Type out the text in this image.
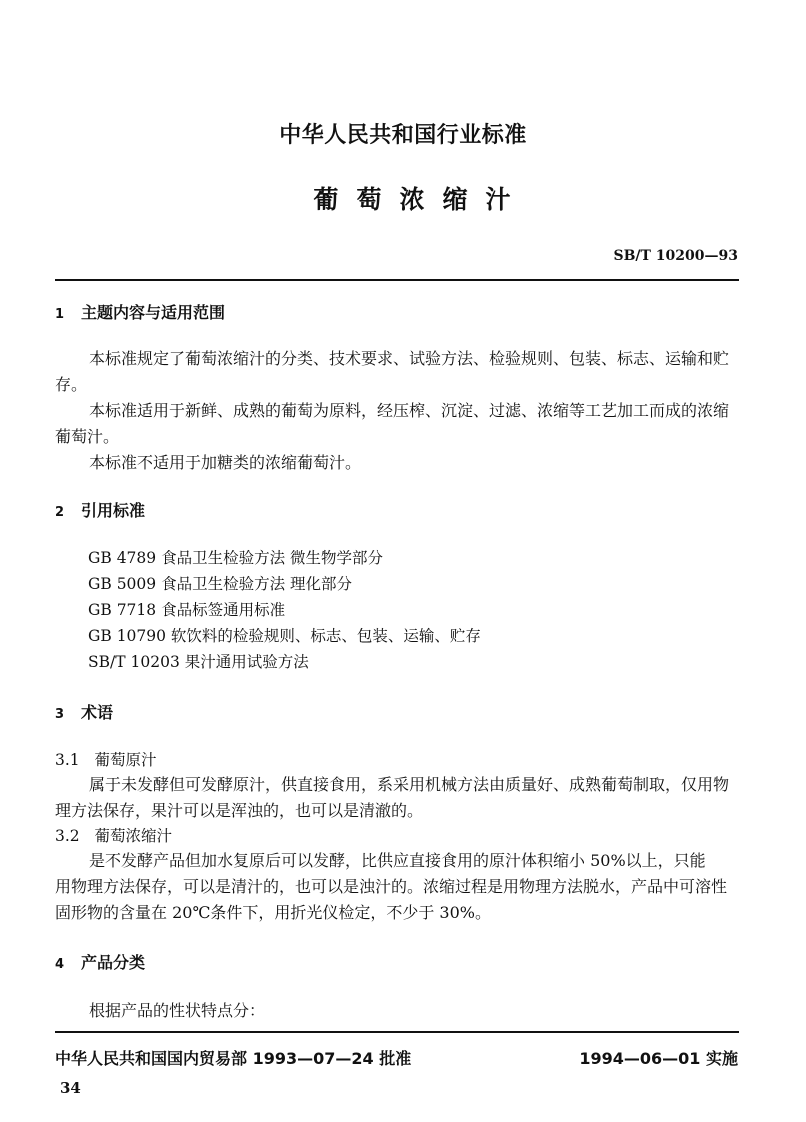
中华人民共和国行业标准
葡萄浓缩汁
SB/T 10200—93
1 主题内容与适用范围
本标准规定了葡萄浓缩汁的分类、技术要求、试验方法、检验规则、包装、标志、运输和贮
存。
本标准适用于新鲜、成熟的葡萄为原料，经压榨、沉淀、过滤、浓缩等工艺加工而成的浓缩
葡萄汁。
本标准不适用于加糖类的浓缩葡萄汁。
2 引用标准
GB 4789 食品卫生检验方法 微生物学部分
GB 5009 食品卫生检验方法 理化部分
GB 7718 食品标签通用标准
GB 10790 软饮料的检验规则、标志、包装、运输、贮存
SB/T 10203 果汁通用试验方法
3 术语
3.1 葡萄原汁
属于未发酵但可发酵原汁，供直接食用，系采用机械方法由质量好、成熟葡萄制取，仅用物
理方法保存，果汁可以是浑浊的，也可以是清澈的。
3.2 葡萄浓缩汁
是不发酵产品但加水复原后可以发酵，比供应直接食用的原汁体积缩小 50%以上，只能
用物理方法保存，可以是清汁的，也可以是浊汁的。浓缩过程是用物理方法脱水，产品中可溶性
固形物的含量在 20℃条件下，用折光仪检定，不少于 30%。
4 产品分类
根据产品的性状特点分：
中华人民共和国国内贸易部 1993—07—24 批准	1994—06—01 实施
34
